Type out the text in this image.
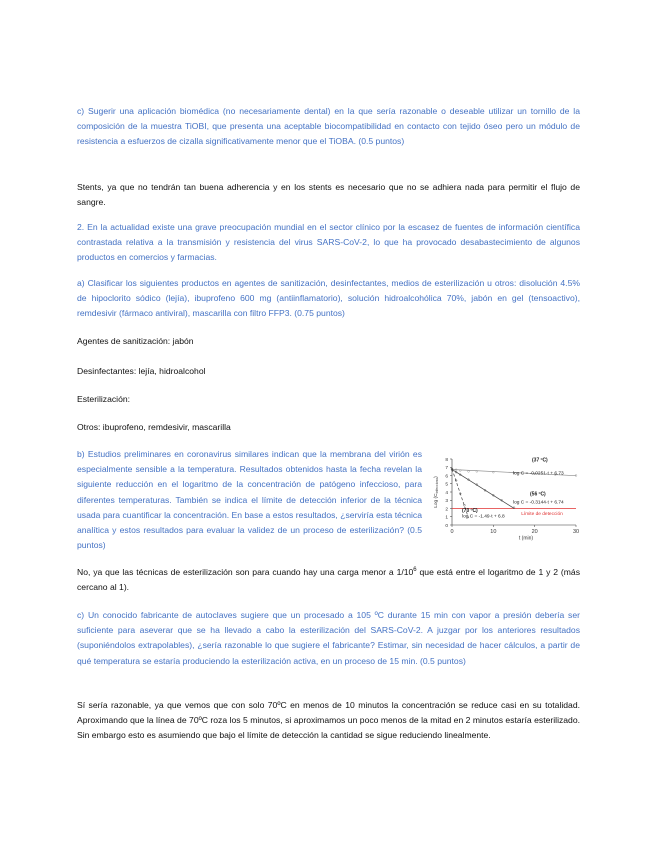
c) Sugerir una aplicación biomédica (no necesariamente dental) en la que sería razonable o deseable utilizar un tornillo de la composición de la muestra TiOBI, que presenta una aceptable biocompatibilidad en contacto con tejido óseo pero un módulo de resistencia a esfuerzos de cizalla significativamente menor que el TiOBA. (0.5 puntos)

Stents, ya que no tendrán tan buena adherencia y en los stents es necesario que no se adhiera nada para permitir el flujo de sangre.

2. En la actualidad existe una grave preocupación mundial en el sector clínico por la escasez de fuentes de información científica contrastada relativa a la transmisión y resistencia del virus SARS-CoV-2, lo que ha provocado desabastecimiento de algunos productos en comercios y farmacias.

a) Clasificar los siguientes productos en agentes de sanitización, desinfectantes, medios de esterilización u otros: disolución 4.5% de hipoclorito sódico (lejía), ibuprofeno 600 mg (antiinflamatorio), solución hidroalcohólica 70%, jabón en gel (tensoactivo), remdesivir (fármaco antiviral), mascarilla con filtro FFP3. (0.75 puntos)

Agentes de sanitización: jabón

Desinfectantes: lejía, hidroalcohol

Esterilización:

Otros: ibuprofeno, remdesivir, mascarilla

b) Estudios preliminares en coronavirus similares indican que la membrana del virión es especialmente sensible a la temperatura. Resultados obtenidos hasta la fecha revelan la siguiente reducción en el logaritmo de la concentración de patógeno infeccioso, para diferentes temperaturas. También se indica el límite de detección inferior de la técnica usada para cuantificar la concentración. En base a estos resultados, ¿serviría esta técnica analítica y estos resultados para evaluar la validez de un proceso de esterilización? (0.5 puntos)

0	10	20	30
0
1
2
3
4
5
6
7
8
Límite de detección
Log $(C_{infeccioso})$
t (min)
(37 ºC)
log C = -0.0251·t + 6.73
(56 ºC)
log C = -0.3144·t + 6.74
(70 ºC)
log C = -1.49·t + 6.8

No, ya que las técnicas de esterilización son para cuando hay una carga menor a $1/10^6$ que está entre el logaritmo de 1 y 2 (más cercano al 1).

c) Un conocido fabricante de autoclaves sugiere que un procesado a 105 ºC durante 15 min con vapor a presión debería ser suficiente para aseverar que se ha llevado a cabo la esterilización del SARS-CoV-2. A juzgar por los anteriores resultados (suponiéndolos extrapolables), ¿sería razonable lo que sugiere el fabricante? Estimar, sin necesidad de hacer cálculos, a partir de qué temperatura se estaría produciendo la esterilización activa, en un proceso de 15 min. (0.5 puntos)

Sí sería razonable, ya que vemos que con solo 70ºC en menos de 10 minutos la concentración se reduce casi en su totalidad. Aproximando que la línea de 70ºC roza los 5 minutos, si aproximamos un poco menos de la mitad en 2 minutos estaría esterilizado. Sin embargo esto es asumiendo que bajo el límite de detección la cantidad se sigue reduciendo linealmente.
